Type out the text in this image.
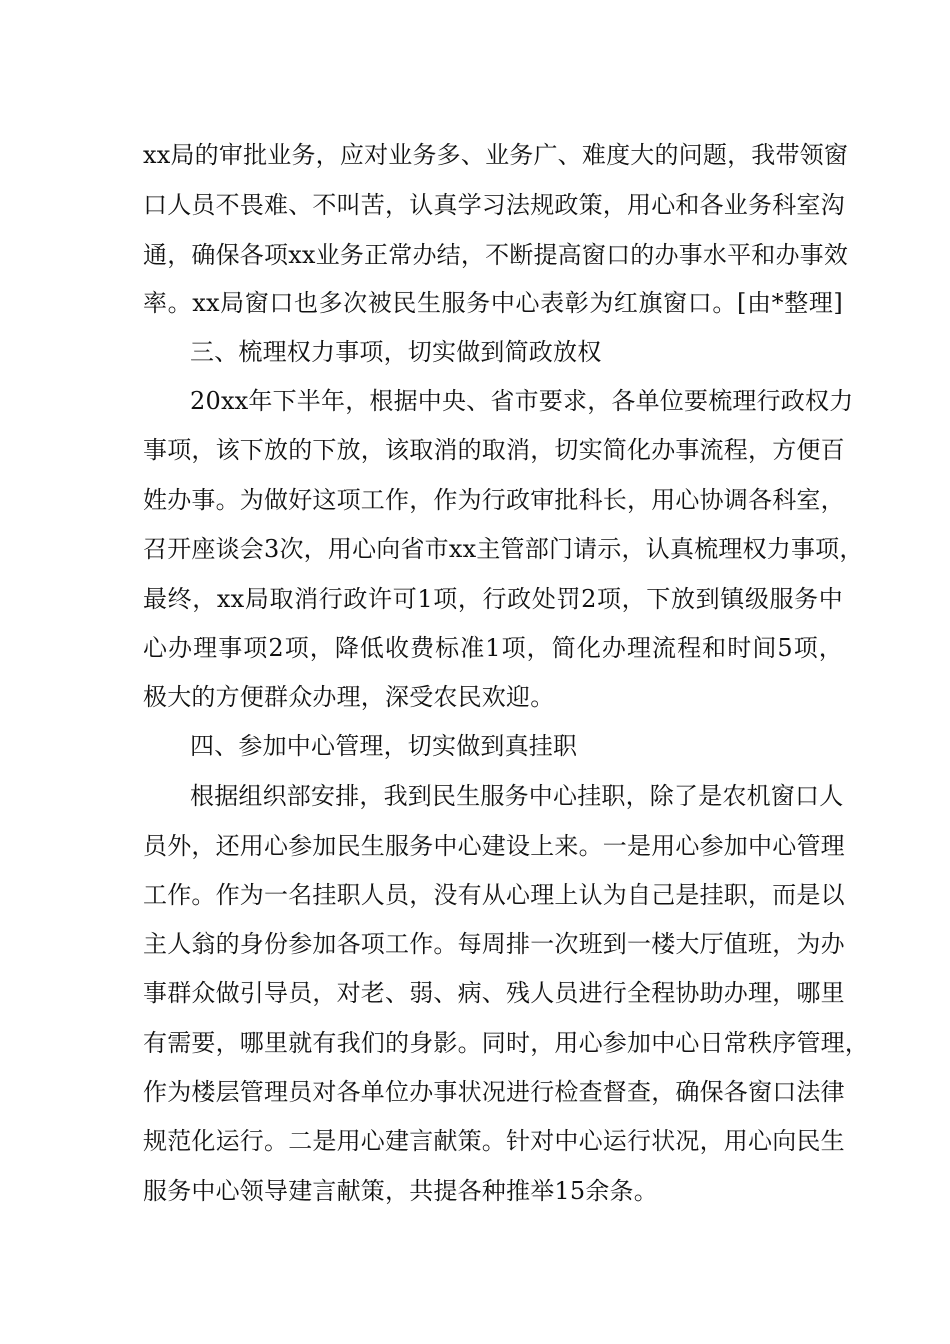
xx局的审批业务，应对业务多、业务广、难度大的问题，我带领窗
口人员不畏难、不叫苦，认真学习法规政策，用心和各业务科室沟
通，确保各项xx业务正常办结，不断提高窗口的办事水平和办事效
率。xx局窗口也多次被民生服务中心表彰为红旗窗口。[由*整理]
三、梳理权力事项，切实做到简政放权
20xx年下半年，根据中央、省市要求，各单位要梳理行政权力
事项，该下放的下放，该取消的取消，切实简化办事流程，方便百
姓办事。为做好这项工作，作为行政审批科长，用心协调各科室，
召开座谈会3次，用心向省市xx主管部门请示，认真梳理权力事项，
最终，xx局取消行政许可1项，行政处罚2项，下放到镇级服务中
心办理事项2项，降低收费标准1项，简化办理流程和时间5项，
极大的方便群众办理，深受农民欢迎。
四、参加中心管理，切实做到真挂职
根据组织部安排，我到民生服务中心挂职，除了是农机窗口人
员外，还用心参加民生服务中心建设上来。一是用心参加中心管理
工作。作为一名挂职人员，没有从心理上认为自己是挂职，而是以
主人翁的身份参加各项工作。每周排一次班到一楼大厅值班，为办
事群众做引导员，对老、弱、病、残人员进行全程协助办理，哪里
有需要，哪里就有我们的身影。同时，用心参加中心日常秩序管理，
作为楼层管理员对各单位办事状况进行检查督查，确保各窗口法律
规范化运行。二是用心建言献策。针对中心运行状况，用心向民生
服务中心领导建言献策，共提各种推举15余条。
